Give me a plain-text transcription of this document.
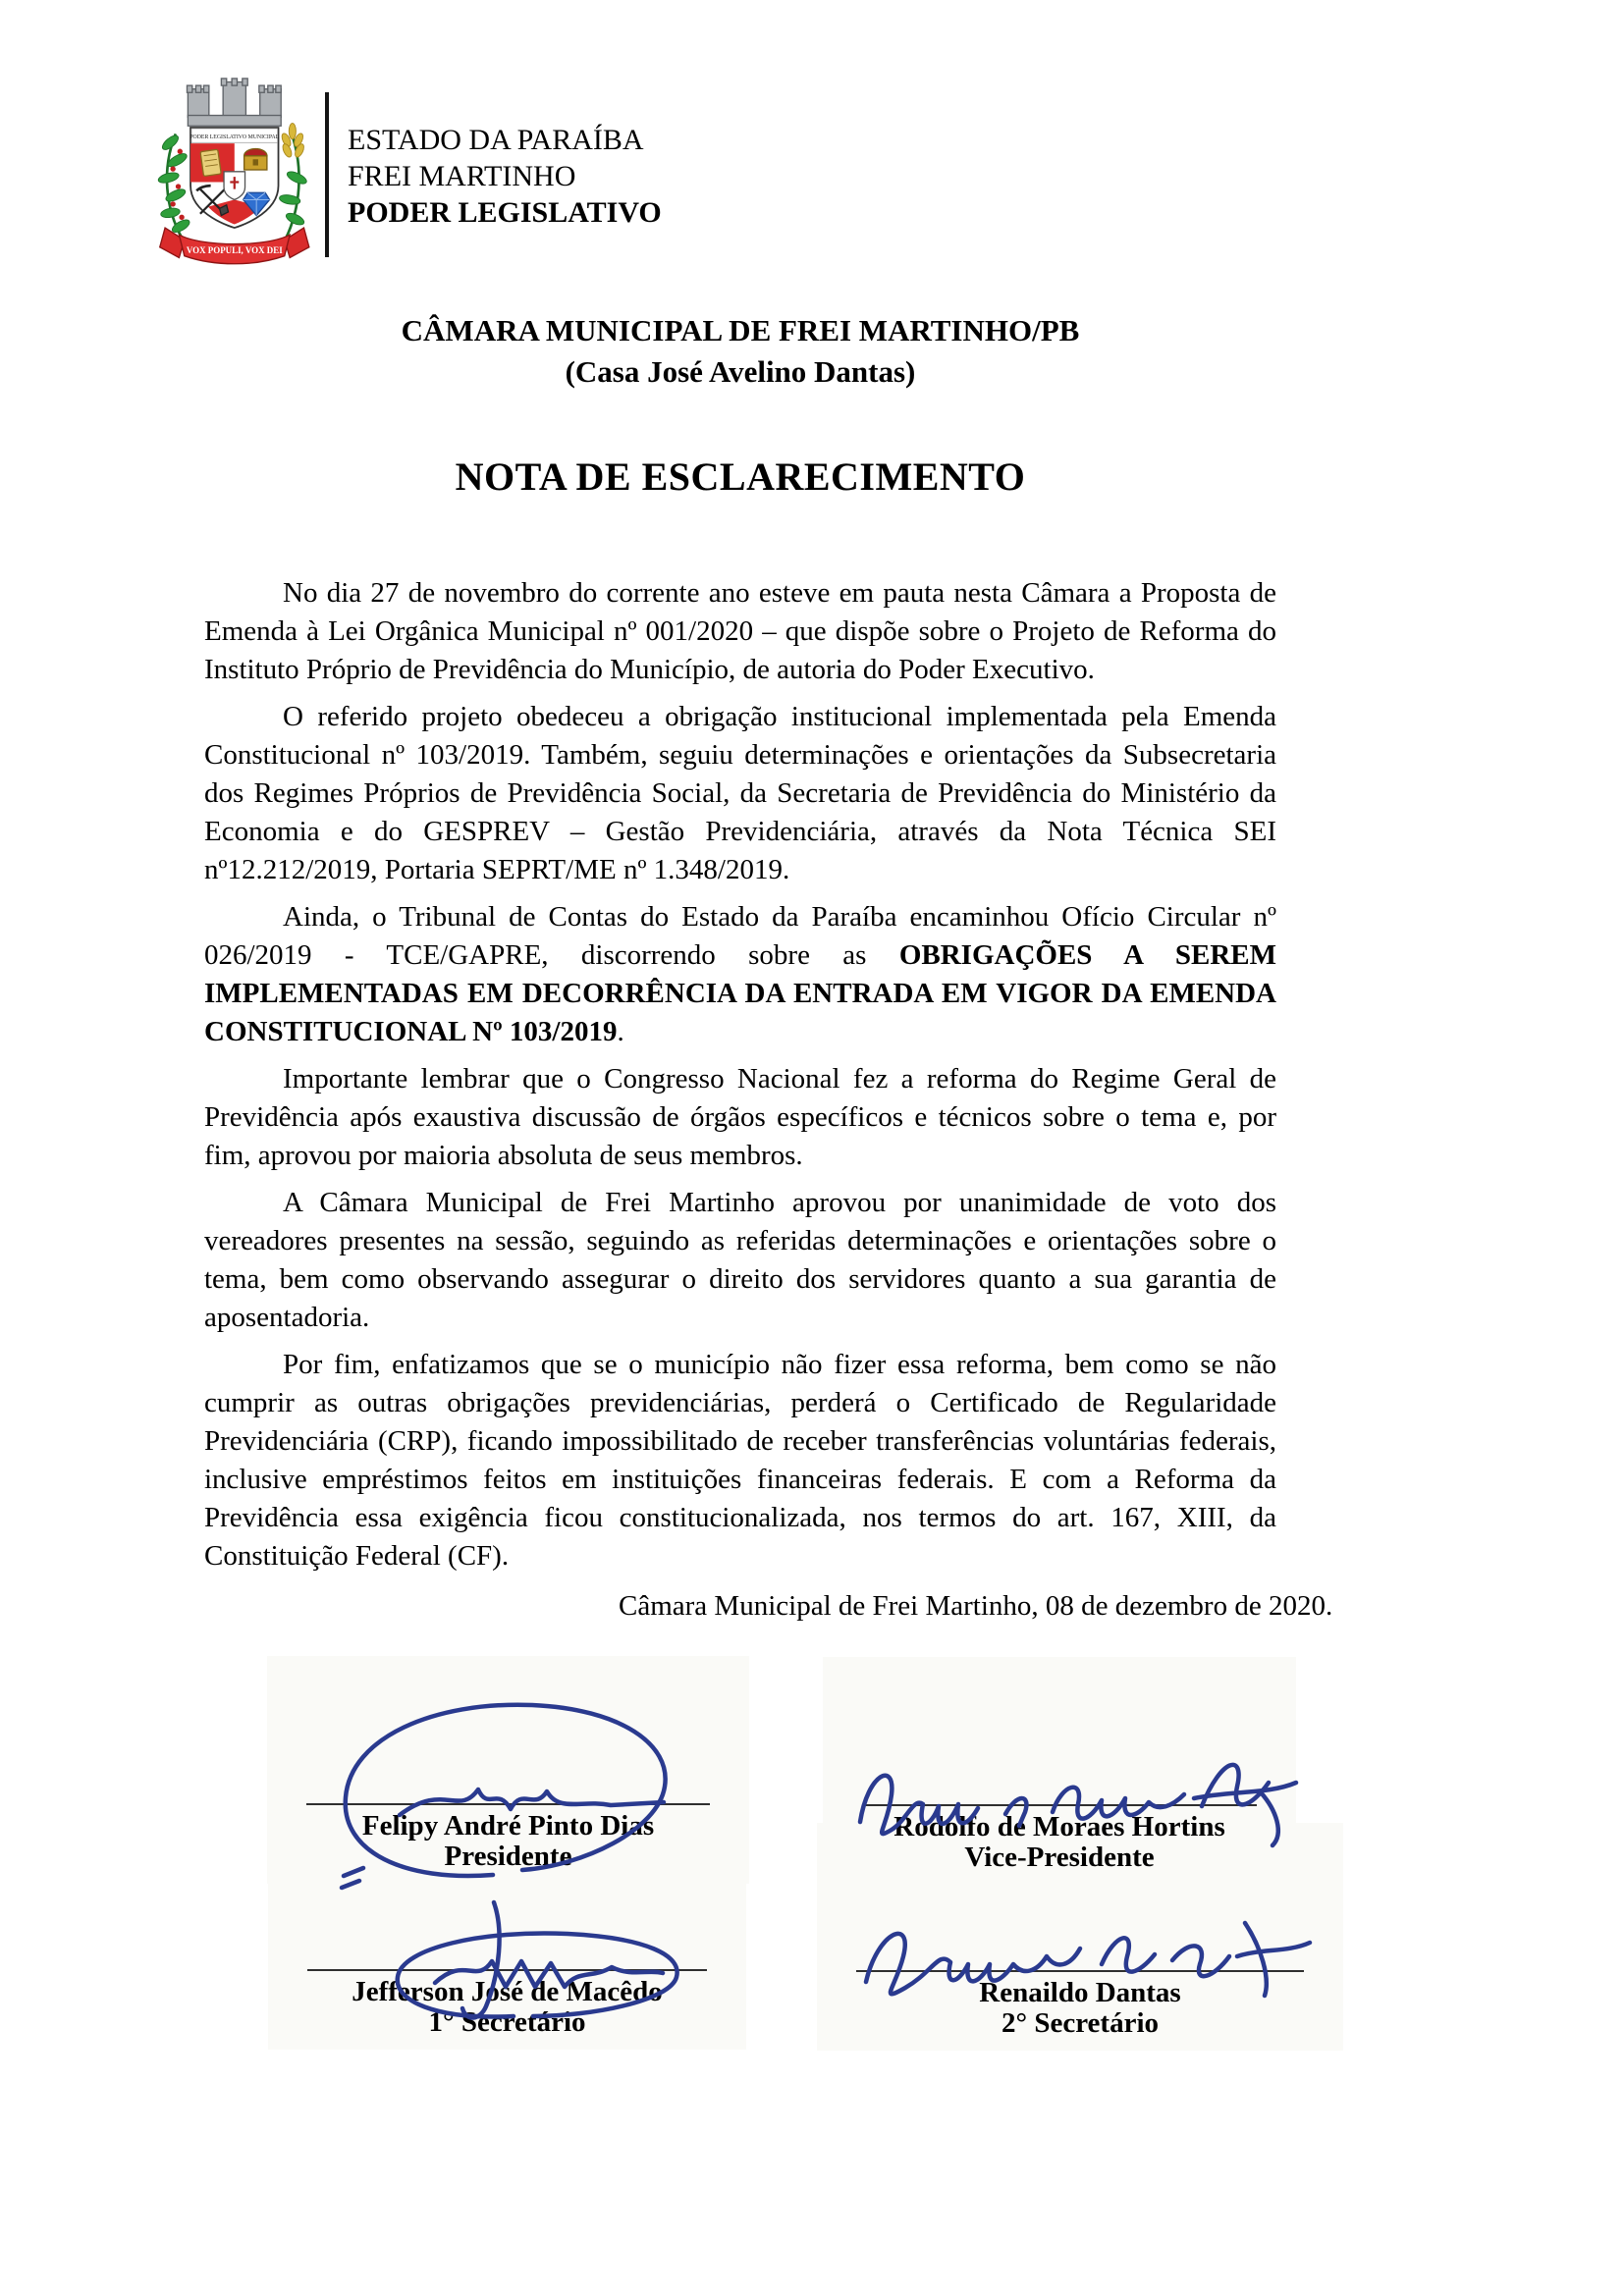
PODER LEGISLATIVO MUNICIPAL
VOX POPULI, VOX DEI
ESTADO DA PARAÍBA
FREI MARTINHO
PODER LEGISLATIVO
CÂMARA MUNICIPAL DE FREI MARTINHO/PB
(Casa José Avelino Dantas)
NOTA DE ESCLARECIMENTO

No dia 27 de novembro do corrente ano esteve em pauta nesta Câmara a Proposta de Emenda à Lei Orgânica Municipal nº 001/2020 – que dispõe sobre o Projeto de Reforma do Instituto Próprio de Previdência do Município, de autoria do Poder Executivo.

O referido projeto obedeceu a obrigação institucional implementada pela Emenda Constitucional nº 103/2019. Também, seguiu determinações e orientações da Subsecretaria dos Regimes Próprios de Previdência Social, da Secretaria de Previdência do Ministério da Economia e do GESPREV – Gestão Previdenciária, através da Nota Técnica SEI nº12.212/2019, Portaria SEPRT/ME nº 1.348/2019.

Ainda, o Tribunal de Contas do Estado da Paraíba encaminhou Ofício Circular nº 026/2019 - TCE/GAPRE, discorrendo sobre as OBRIGAÇÕES A SEREM IMPLEMENTADAS EM DECORRÊNCIA DA ENTRADA EM VIGOR DA EMENDA CONSTITUCIONAL Nº 103/2019.

Importante lembrar que o Congresso Nacional fez a reforma do Regime Geral de Previdência após exaustiva discussão de órgãos específicos e técnicos sobre o tema e, por fim, aprovou por maioria absoluta de seus membros.

A Câmara Municipal de Frei Martinho aprovou por unanimidade de voto dos vereadores presentes na sessão, seguindo as referidas determinações e orientações sobre o tema, bem como observando assegurar o direito dos servidores quanto a sua garantia de aposentadoria.

Por fim, enfatizamos que se o município não fizer essa reforma, bem como se não cumprir as outras obrigações previdenciárias, perderá o Certificado de Regularidade Previdenciária (CRP), ficando impossibilitado de receber transferências voluntárias federais, inclusive empréstimos feitos em instituições financeiras federais. E com a Reforma da Previdência essa exigência ficou constitucionalizada, nos termos do art. 167, XIII, da Constituição Federal (CF).

Câmara Municipal de Frei Martinho, 08 de dezembro de 2020.
Felipy André Pinto Dias
Presidente
Rodolfo de Moraes Hortins
Vice-Presidente
Jefferson José de Macêdo
1° Secretário
Renaildo Dantas
2° Secretário
